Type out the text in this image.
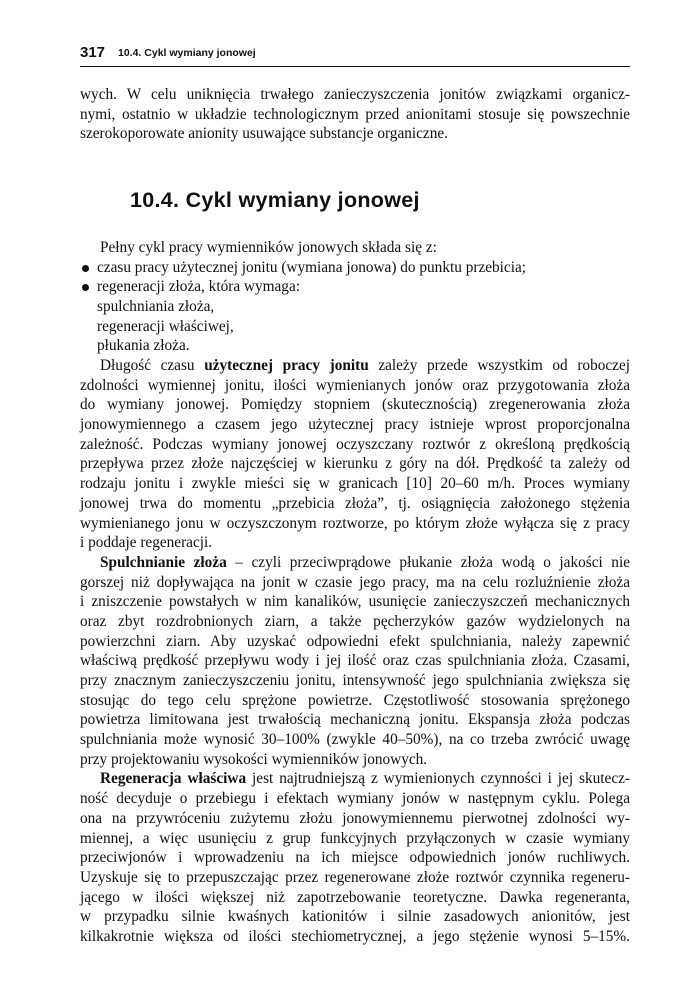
317 10.4. Cykl wymiany jonowej
wych. W celu uniknięcia trwałego zanieczyszczenia jonitów związkami organicz-
nymi, ostatnio w układzie technologicznym przed anionitami stosuje się powszechnie
szerokoporowate anionity usuwające substancje organiczne.
10.4. Cykl wymiany jonowej
Pełny cykl pracy wymienników jonowych składa się z:
czasu pracy użytecznej jonitu (wymiana jonowa) do punktu przebicia;
regeneracji złoża, która wymaga:
spulchniania złoża,
regeneracji właściwej,
płukania złoża.
Długość czasu użytecznej pracy jonitu zależy przede wszystkim od roboczej
zdolności wymiennej jonitu, ilości wymienianych jonów oraz przygotowania złoża
do wymiany jonowej. Pomiędzy stopniem (skutecznością) zregenerowania złoża
jonowymiennego a czasem jego użytecznej pracy istnieje wprost proporcjonalna
zależność. Podczas wymiany jonowej oczyszczany roztwór z określoną prędkością
przepływa przez złoże najczęściej w kierunku z góry na dół. Prędkość ta zależy od
rodzaju jonitu i zwykle mieści się w granicach [10] 20–60 m/h. Proces wymiany
jonowej trwa do momentu „przebicia złoża”, tj. osiągnięcia założonego stężenia
wymienianego jonu w oczyszczonym roztworze, po którym złoże wyłącza się z pracy
i poddaje regeneracji.
Spulchnianie złoża – czyli przeciwprądowe płukanie złoża wodą o jakości nie
gorszej niż dopływająca na jonit w czasie jego pracy, ma na celu rozluźnienie złoża
i zniszczenie powstałych w nim kanalików, usunięcie zanieczyszczeń mechanicznych
oraz zbyt rozdrobnionych ziarn, a także pęcherzyków gazów wydzielonych na
powierzchni ziarn. Aby uzyskać odpowiedni efekt spulchniania, należy zapewnić
właściwą prędkość przepływu wody i jej ilość oraz czas spulchniania złoża. Czasami,
przy znacznym zanieczyszczeniu jonitu, intensywność jego spulchniania zwiększa się
stosując do tego celu sprężone powietrze. Częstotliwość stosowania sprężonego
powietrza limitowana jest trwałością mechaniczną jonitu. Ekspansja złoża podczas
spulchniania może wynosić 30–100% (zwykle 40–50%), na co trzeba zwrócić uwagę
przy projektowaniu wysokości wymienników jonowych.
Regeneracja właściwa jest najtrudniejszą z wymienionych czynności i jej skutecz-
ność decyduje o przebiegu i efektach wymiany jonów w następnym cyklu. Polega
ona na przywróceniu zużytemu złożu jonowymiennemu pierwotnej zdolności wy-
miennej, a więc usunięciu z grup funkcyjnych przyłączonych w czasie wymiany
przeciwjonów i wprowadzeniu na ich miejsce odpowiednich jonów ruchliwych.
Uzyskuje się to przepuszczając przez regenerowane złoże roztwór czynnika regeneru-
jącego w ilości większej niż zapotrzebowanie teoretyczne. Dawka regeneranta,
w przypadku silnie kwaśnych kationitów i silnie zasadowych anionitów, jest
kilkakrotnie większa od ilości stechiometrycznej, a jego stężenie wynosi 5–15%.
